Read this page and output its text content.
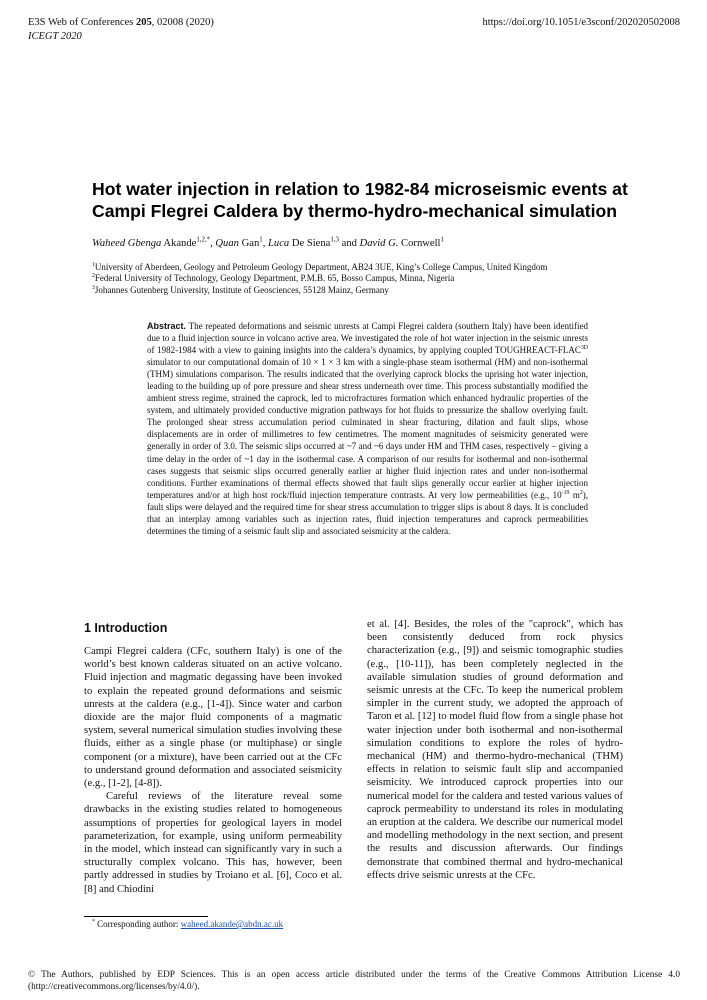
E3S Web of Conferences 205, 02008 (2020)
ICEGT 2020
https://doi.org/10.1051/e3sconf/202020502008
Hot water injection in relation to 1982-84 microseismic events at
Campi Flegrei Caldera by thermo-hydro-mechanical simulation
Waheed Gbenga Akande$^{1,2,*}$, Quan Gan$^1$, Luca De Siena$^{1,3}$ and David G. Cornwell$^1$
$^1$University of Aberdeen, Geology and Petroleum Geology Department, AB24 3UE, King’s College Campus, United Kingdom
$^2$Federal University of Technology, Geology Department, P.M.B. 65, Bosso Campus, Minna, Nigeria
$^3$Johannes Gutenberg University, Institute of Geosciences, 55128 Mainz, Germany
Abstract. The repeated deformations and seismic unrests at Campi Flegrei caldera (southern Italy) have been identified due to a fluid injection source in volcano active area. We investigated the role of hot water injection in the seismic unrests of 1982-1984 with a view to gaining insights into the caldera’s dynamics, by applying coupled TOUGHREACT-$FLAC^{3D}$ simulator to our computational domain of 10 × 1 × 3 km with a single-phase steam isothermal (HM) and non-isothermal (THM) simulations comparison. The results indicated that the overlying caprock blocks the uprising hot water injection, leading to the building up of pore pressure and shear stress underneath over time. This process substantially modified the ambient stress regime, strained the caprock, led to microfractures formation which enhanced hydraulic properties of the system, and ultimately provided conductive migration pathways for hot fluids to pressurize the shallow overlying fault. The prolonged shear stress accumulation period culminated in shear fracturing, dilation and fault slips, whose displacements are in order of millimetres to few centimetres. The moment magnitudes of seismicity generated were generally in order of 3.0. The seismic slips occurred at ~7 and ~6 days under HM and THM cases, respectively – giving a time delay in the order of ~1 day in the isothermal case. A comparison of our results for isothermal and non-isothermal cases suggests that seismic slips occurred generally earlier at higher fluid injection rates and under non-isothermal conditions. Further examinations of thermal effects showed that fault slips generally occur earlier at higher injection temperatures and/or at high host rock/fluid injection temperature contrasts. At very low permeabilities (e.g., $10^{-19}$ $m^2$), fault slips were delayed and the required time for shear stress accumulation to trigger slips is about 8 days. It is concluded that an interplay among variables such as injection rates, fluid injection temperatures and caprock permeabilities determines the timing of a seismic fault slip and associated seismicity at the caldera.
1 Introduction

Campi Flegrei caldera (CFc, southern Italy) is one of the world’s best known calderas situated on an active volcano. Fluid injection and magmatic degassing have been invoked to explain the repeated ground deformations and seismic unrests at the caldera (e.g., [1-4]). Since water and carbon dioxide are the major fluid components of a magmatic system, several numerical simulation studies involving these fluids, either as a single phase (or multiphase) or single component (or a mixture), have been carried out at the CFc to understand ground deformation and associated seismicity (e.g., [1-2], [4-8]).

Careful reviews of the literature reveal some drawbacks in the existing studies related to homogeneous assumptions of properties for geological layers in model parameterization, for example, using uniform permeability in the model, which instead can significantly vary in such a structurally complex volcano. This has, however, been partly addressed in studies by Troiano et al. [6], Coco et al. [8] and Chiodini

et al. [4]. Besides, the roles of the "caprock", which has been consistently deduced from rock physics characterization (e.g., [9]) and seismic tomographic studies (e.g., [10-11]), has been completely neglected in the available simulation studies of ground deformation and seismic unrests at the CFc. To keep the numerical problem simpler in the current study, we adopted the approach of Taron et al. [12] to model fluid flow from a single phase hot water injection under both isothermal and non-isothermal simulation conditions to explore the roles of hydro-mechanical (HM) and thermo-hydro-mechanical (THM) effects in relation to seismic fault slip and accompanied seismicity. We introduced caprock properties into our numerical model for the caldera and tested various values of caprock permeability to understand its roles in modulating an eruption at the caldera. We describe our numerical model and modelling methodology in the next section, and present the results and discussion afterwards. Our findings demonstrate that combined thermal and hydro-mechanical effects drive seismic unrests at the CFc.

* Corresponding author: waheed.akande@abdn.ac.uk
© The Authors, published by EDP Sciences. This is an open access article distributed under the terms of the Creative Commons Attribution License 4.0 (http://creativecommons.org/licenses/by/4.0/).
